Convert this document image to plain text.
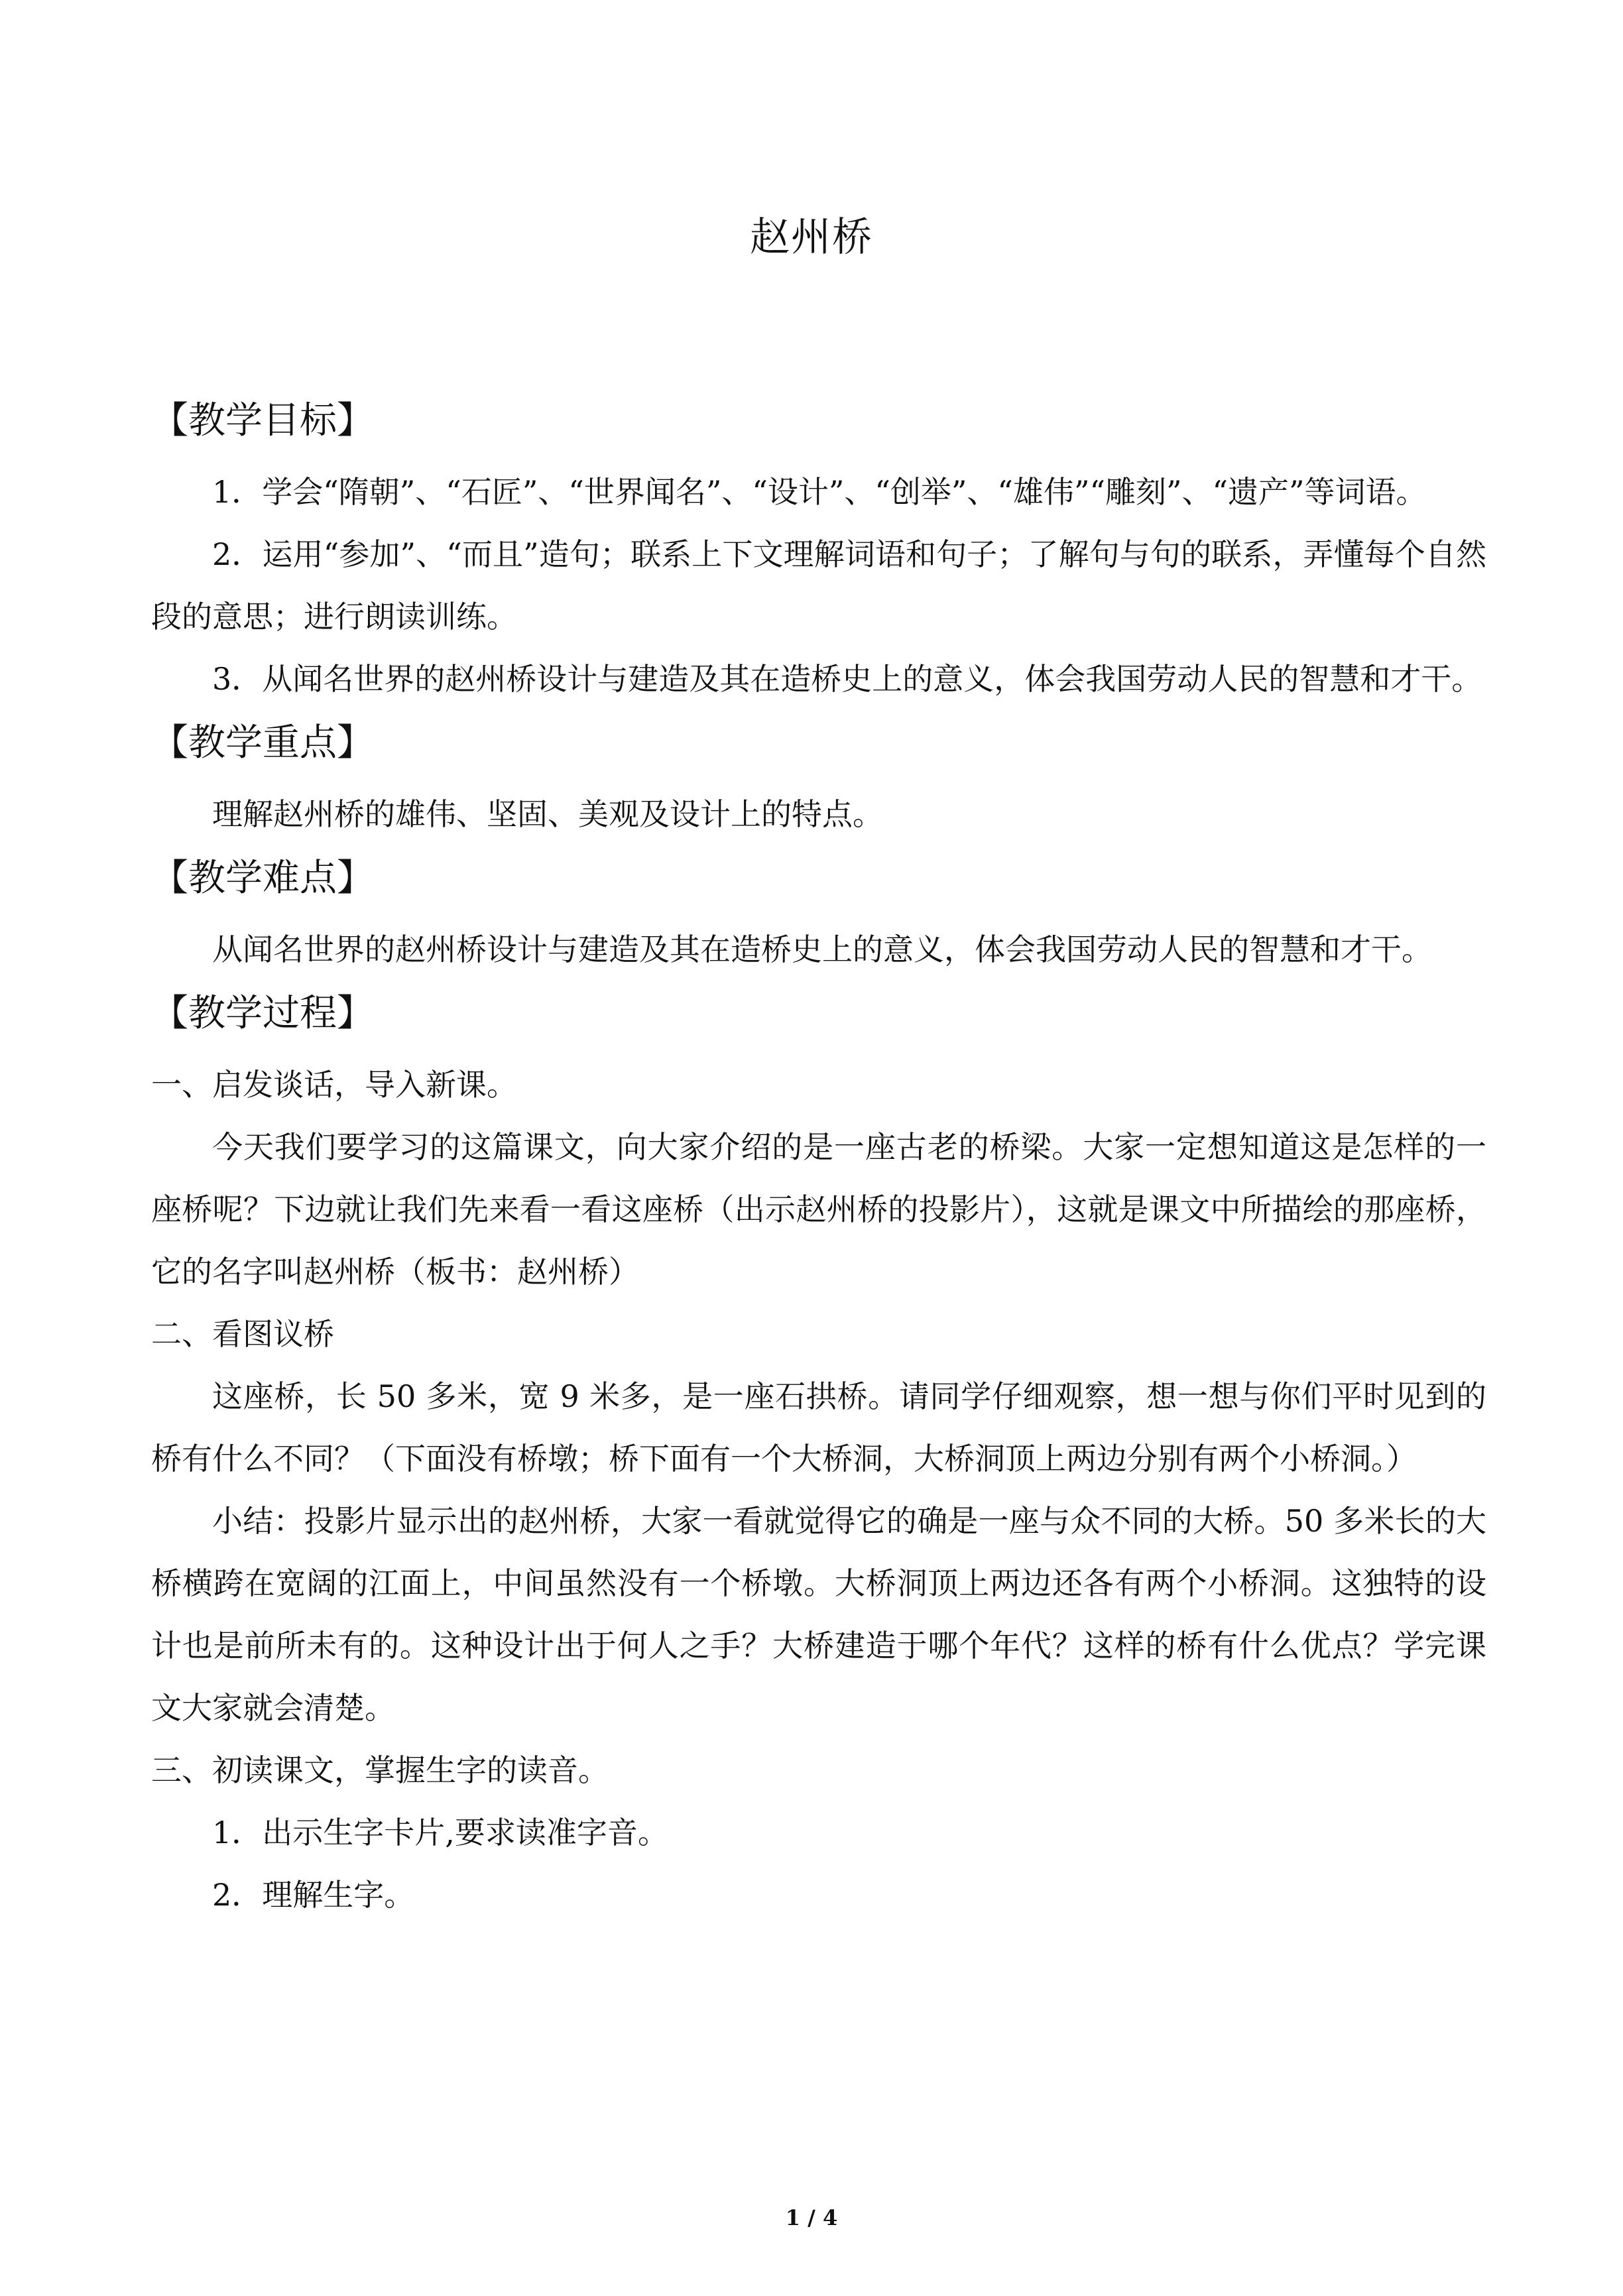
赵州桥
【教学目标】

1．学会“隋朝”、“石匠”、“世界闻名”、“设计”、“创举”、“雄伟”“雕刻”、“遗产”等词语。

2．运用“参加”、“而且”造句；联系上下文理解词语和句子；了解句与句的联系，弄懂每个自然段的意思；进行朗读训练。

3．从闻名世界的赵州桥设计与建造及其在造桥史上的意义，体会我国劳动人民的智慧和才干。

【教学重点】

理解赵州桥的雄伟、坚固、美观及设计上的特点。

【教学难点】

从闻名世界的赵州桥设计与建造及其在造桥史上的意义，体会我国劳动人民的智慧和才干。

【教学过程】

一、启发谈话，导入新课。

今天我们要学习的这篇课文，向大家介绍的是一座古老的桥梁。大家一定想知道这是怎样的一座桥呢？下边就让我们先来看一看这座桥（出示赵州桥的投影片），这就是课文中所描绘的那座桥，它的名字叫赵州桥（板书：赵州桥）

二、看图议桥

这座桥，长 50 多米，宽 9 米多，是一座石拱桥。请同学仔细观察，想一想与你们平时见到的桥有什么不同？（下面没有桥墩；桥下面有一个大桥洞，大桥洞顶上两边分别有两个小桥洞。）

小结：投影片显示出的赵州桥，大家一看就觉得它的确是一座与众不同的大桥。50 多米长的大桥横跨在宽阔的江面上，中间虽然没有一个桥墩。大桥洞顶上两边还各有两个小桥洞。这独特的设计也是前所未有的。这种设计出于何人之手？大桥建造于哪个年代？这样的桥有什么优点？学完课文大家就会清楚。

三、初读课文，掌握生字的读音。

1．出示生字卡片,要求读准字音。

2．理解生字。

1 / 4
